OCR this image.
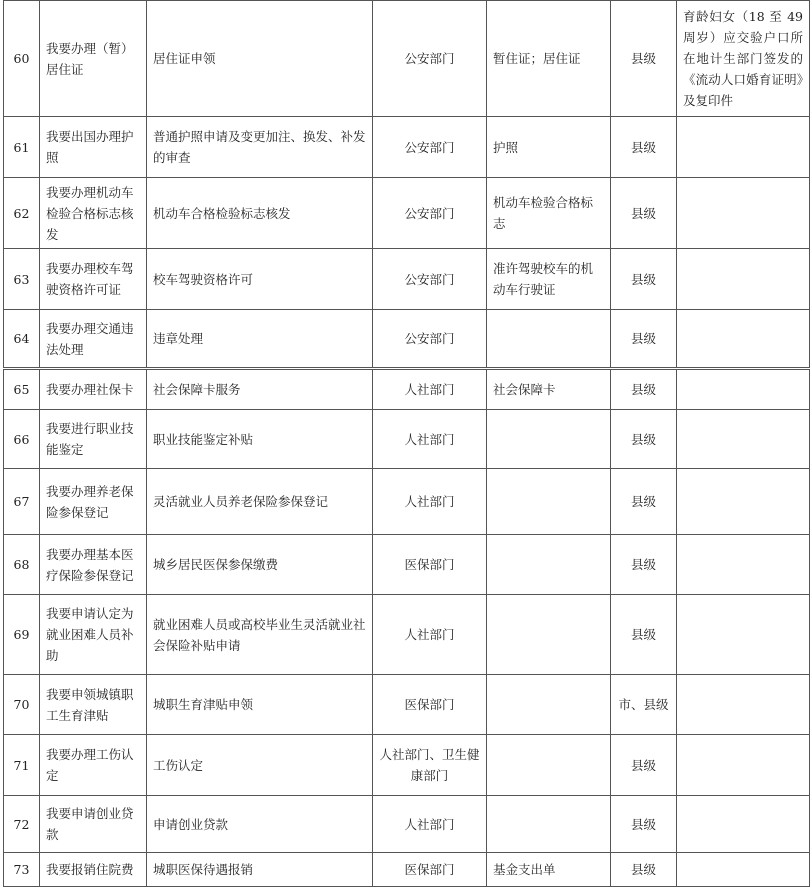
60	我要办理（暂）居住证	居住证申领	公安部门	暂住证；居住证	县级	育龄妇女（18 至 49 周岁）应交验户口所在地计生部门签发的《流动人口婚育证明》及复印件
61	我要出国办理护照	普通护照申请及变更加注、换发、补发的审查	公安部门	护照	县级	
62	我要办理机动车检验合格标志核发	机动车合格检验标志核发	公安部门	机动车检验合格标志	县级	
63	我要办理校车驾驶资格许可证	校车驾驶资格许可	公安部门	准许驾驶校车的机动车行驶证	县级	
64	我要办理交通违法处理	违章处理	公安部门		县级	
65	我要办理社保卡	社会保障卡服务	人社部门	社会保障卡	县级	
66	我要进行职业技能鉴定	职业技能鉴定补贴	人社部门		县级	
67	我要办理养老保险参保登记	灵活就业人员养老保险参保登记	人社部门		县级	
68	我要办理基本医疗保险参保登记	城乡居民医保参保缴费	医保部门		县级	
69	我要申请认定为就业困难人员补助	就业困难人员或高校毕业生灵活就业社会保险补贴申请	人社部门		县级	
70	我要申领城镇职工生育津贴	城职生育津贴申领	医保部门		市、县级	
71	我要办理工伤认定	工伤认定	人社部门、卫生健康部门		县级	
72	我要申请创业贷款	申请创业贷款	人社部门		县级	
73	我要报销住院费	城职医保待遇报销	医保部门	基金支出单	县级	
